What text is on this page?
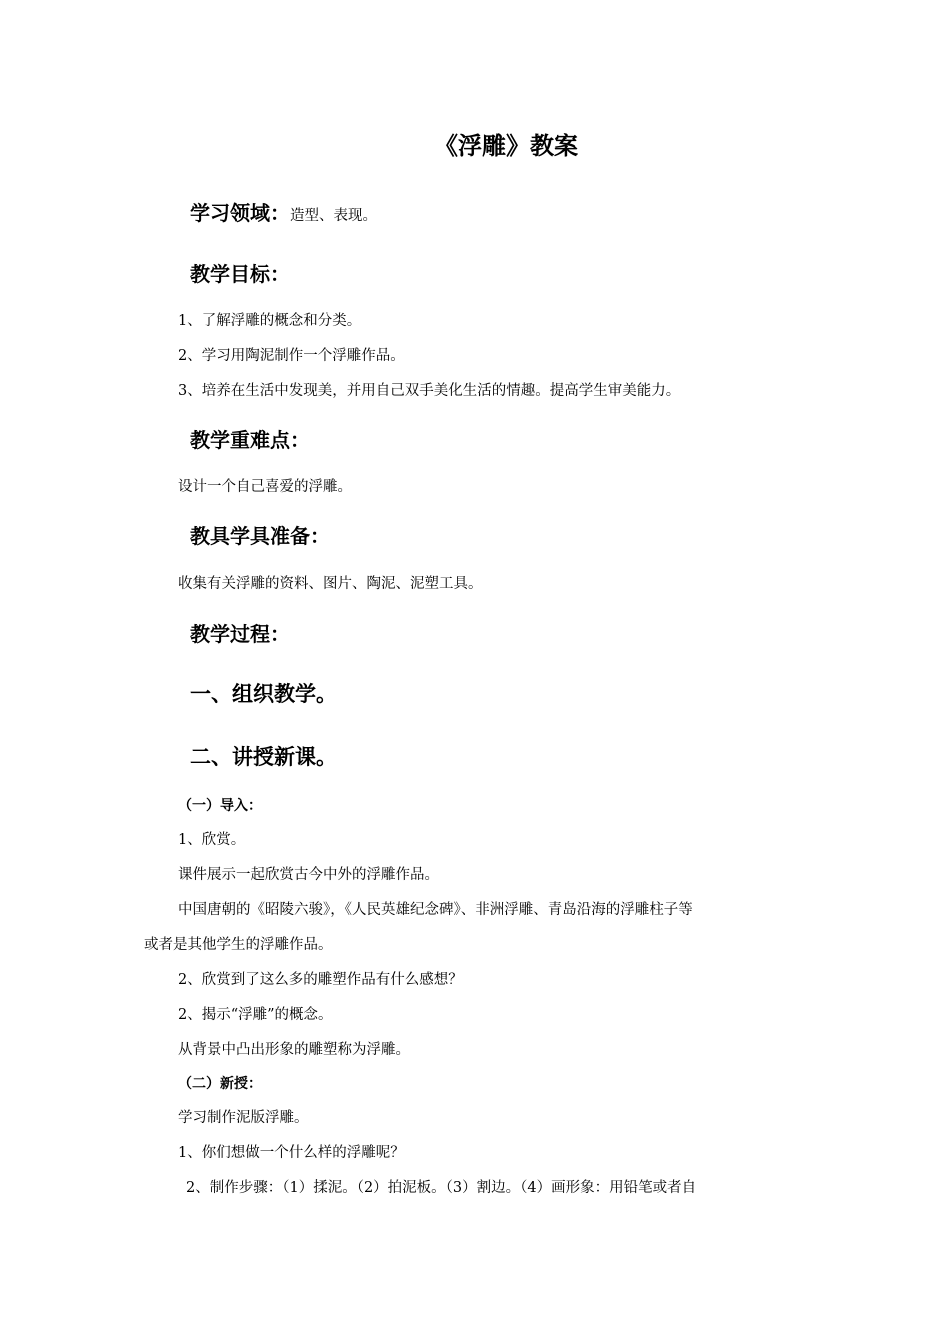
《浮雕》教案
学习领域：造型、表现。
教学目标：
1、了解浮雕的概念和分类。
2、学习用陶泥制作一个浮雕作品。
3、培养在生活中发现美，并用自己双手美化生活的情趣。提高学生审美能力。
教学重难点：
设计一个自己喜爱的浮雕。
教具学具准备：
收集有关浮雕的资料、图片、陶泥、泥塑工具。
教学过程：
一、组织教学。
二、讲授新课。
（一）导入：
1、欣赏。
课件展示一起欣赏古今中外的浮雕作品。
中国唐朝的《昭陵六骏》，《人民英雄纪念碑》、非洲浮雕、青岛沿海的浮雕柱子等
或者是其他学生的浮雕作品。
2、欣赏到了这么多的雕塑作品有什么感想？
2、揭示“浮雕”的概念。
从背景中凸出形象的雕塑称为浮雕。
（二）新授：
学习制作泥版浮雕。
1、你们想做一个什么样的浮雕呢？
2、制作步骤：（1）揉泥。（2）拍泥板。（3）割边。（4）画形象：用铅笔或者自
